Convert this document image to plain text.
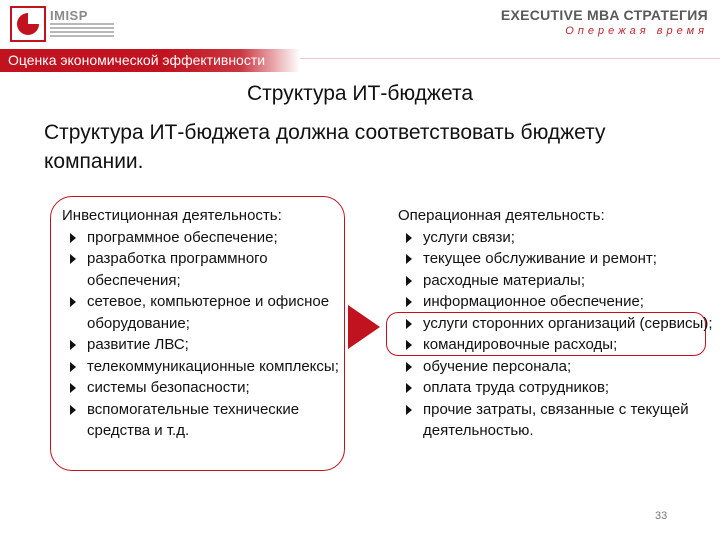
IMISP	EXECUTIVE MBA СТРАТЕГИЯ
Опережая время
Оценка экономической эффективности
Структура ИТ-бюджета
Структура ИТ-бюджета должна соответствовать бюджету компании.
Инвестиционная деятельность:
программное обеспечение;
разработка программного обеспечения;
сетевое, компьютерное и офисное оборудование;
развитие ЛВС;
телекоммуникационные комплексы;
системы безопасности;
вспомогательные технические средства и т.д.
Операционная деятельность:
услуги связи;
текущее обслуживание и ремонт;
расходные материалы;
информационное обеспечение;
услуги сторонних организаций (сервисы);
командировочные расходы;
обучение персонала;
оплата труда сотрудников;
прочие затраты, связанные с текущей деятельностью.
33
